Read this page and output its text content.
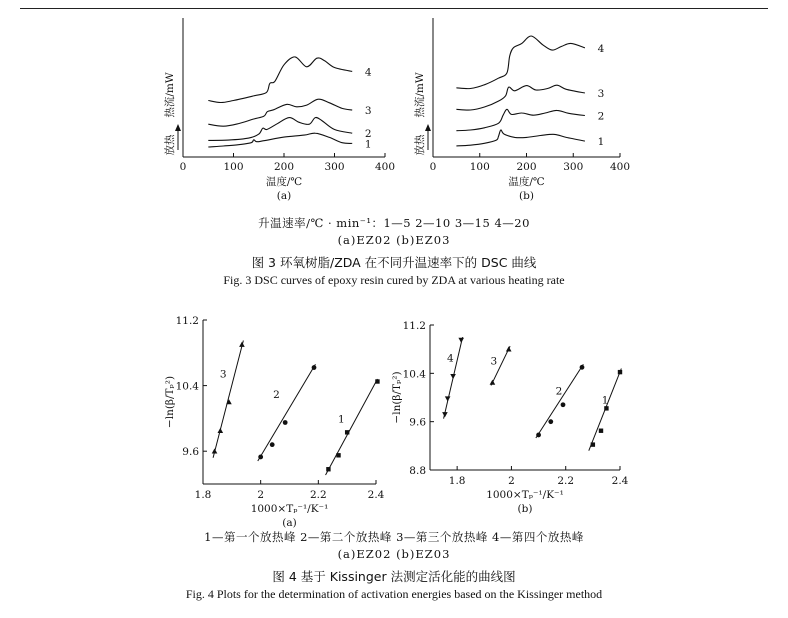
0	100	200	300	400
温度/℃
(a)
热流/mW
放热	1
2
3
4
0	100	200	300	400
温度/℃
(b)
热流/mW
放热	1
2
3
4
1.8	2	2.2	2.4
9.6
10.4
11.2
1000×Tₚ⁻¹/K⁻¹
(a)
−ln(β/Tₚ²)	1
2
3
1.8	2	2.2	2.4
8.8
9.6
10.4
11.2
1000×Tₚ⁻¹/K⁻¹
(b)
−ln(β/Tₚ²)	1
2
3
4
升温速率/℃ · min⁻¹：1—5 2—10 3—15 4—20
(a)EZ02 (b)EZ03
图 3 环氧树脂/ZDA 在不同升温速率下的 DSC 曲线
Fig. 3 DSC curves of epoxy resin cured by ZDA at various heating rate
1—第一个放热峰 2—第二个放热峰 3—第三个放热峰 4—第四个放热峰
(a)EZ02 (b)EZ03
图 4 基于 Kissinger 法测定活化能的曲线图
Fig. 4 Plots for the determination of activation energies based on the Kissinger method
